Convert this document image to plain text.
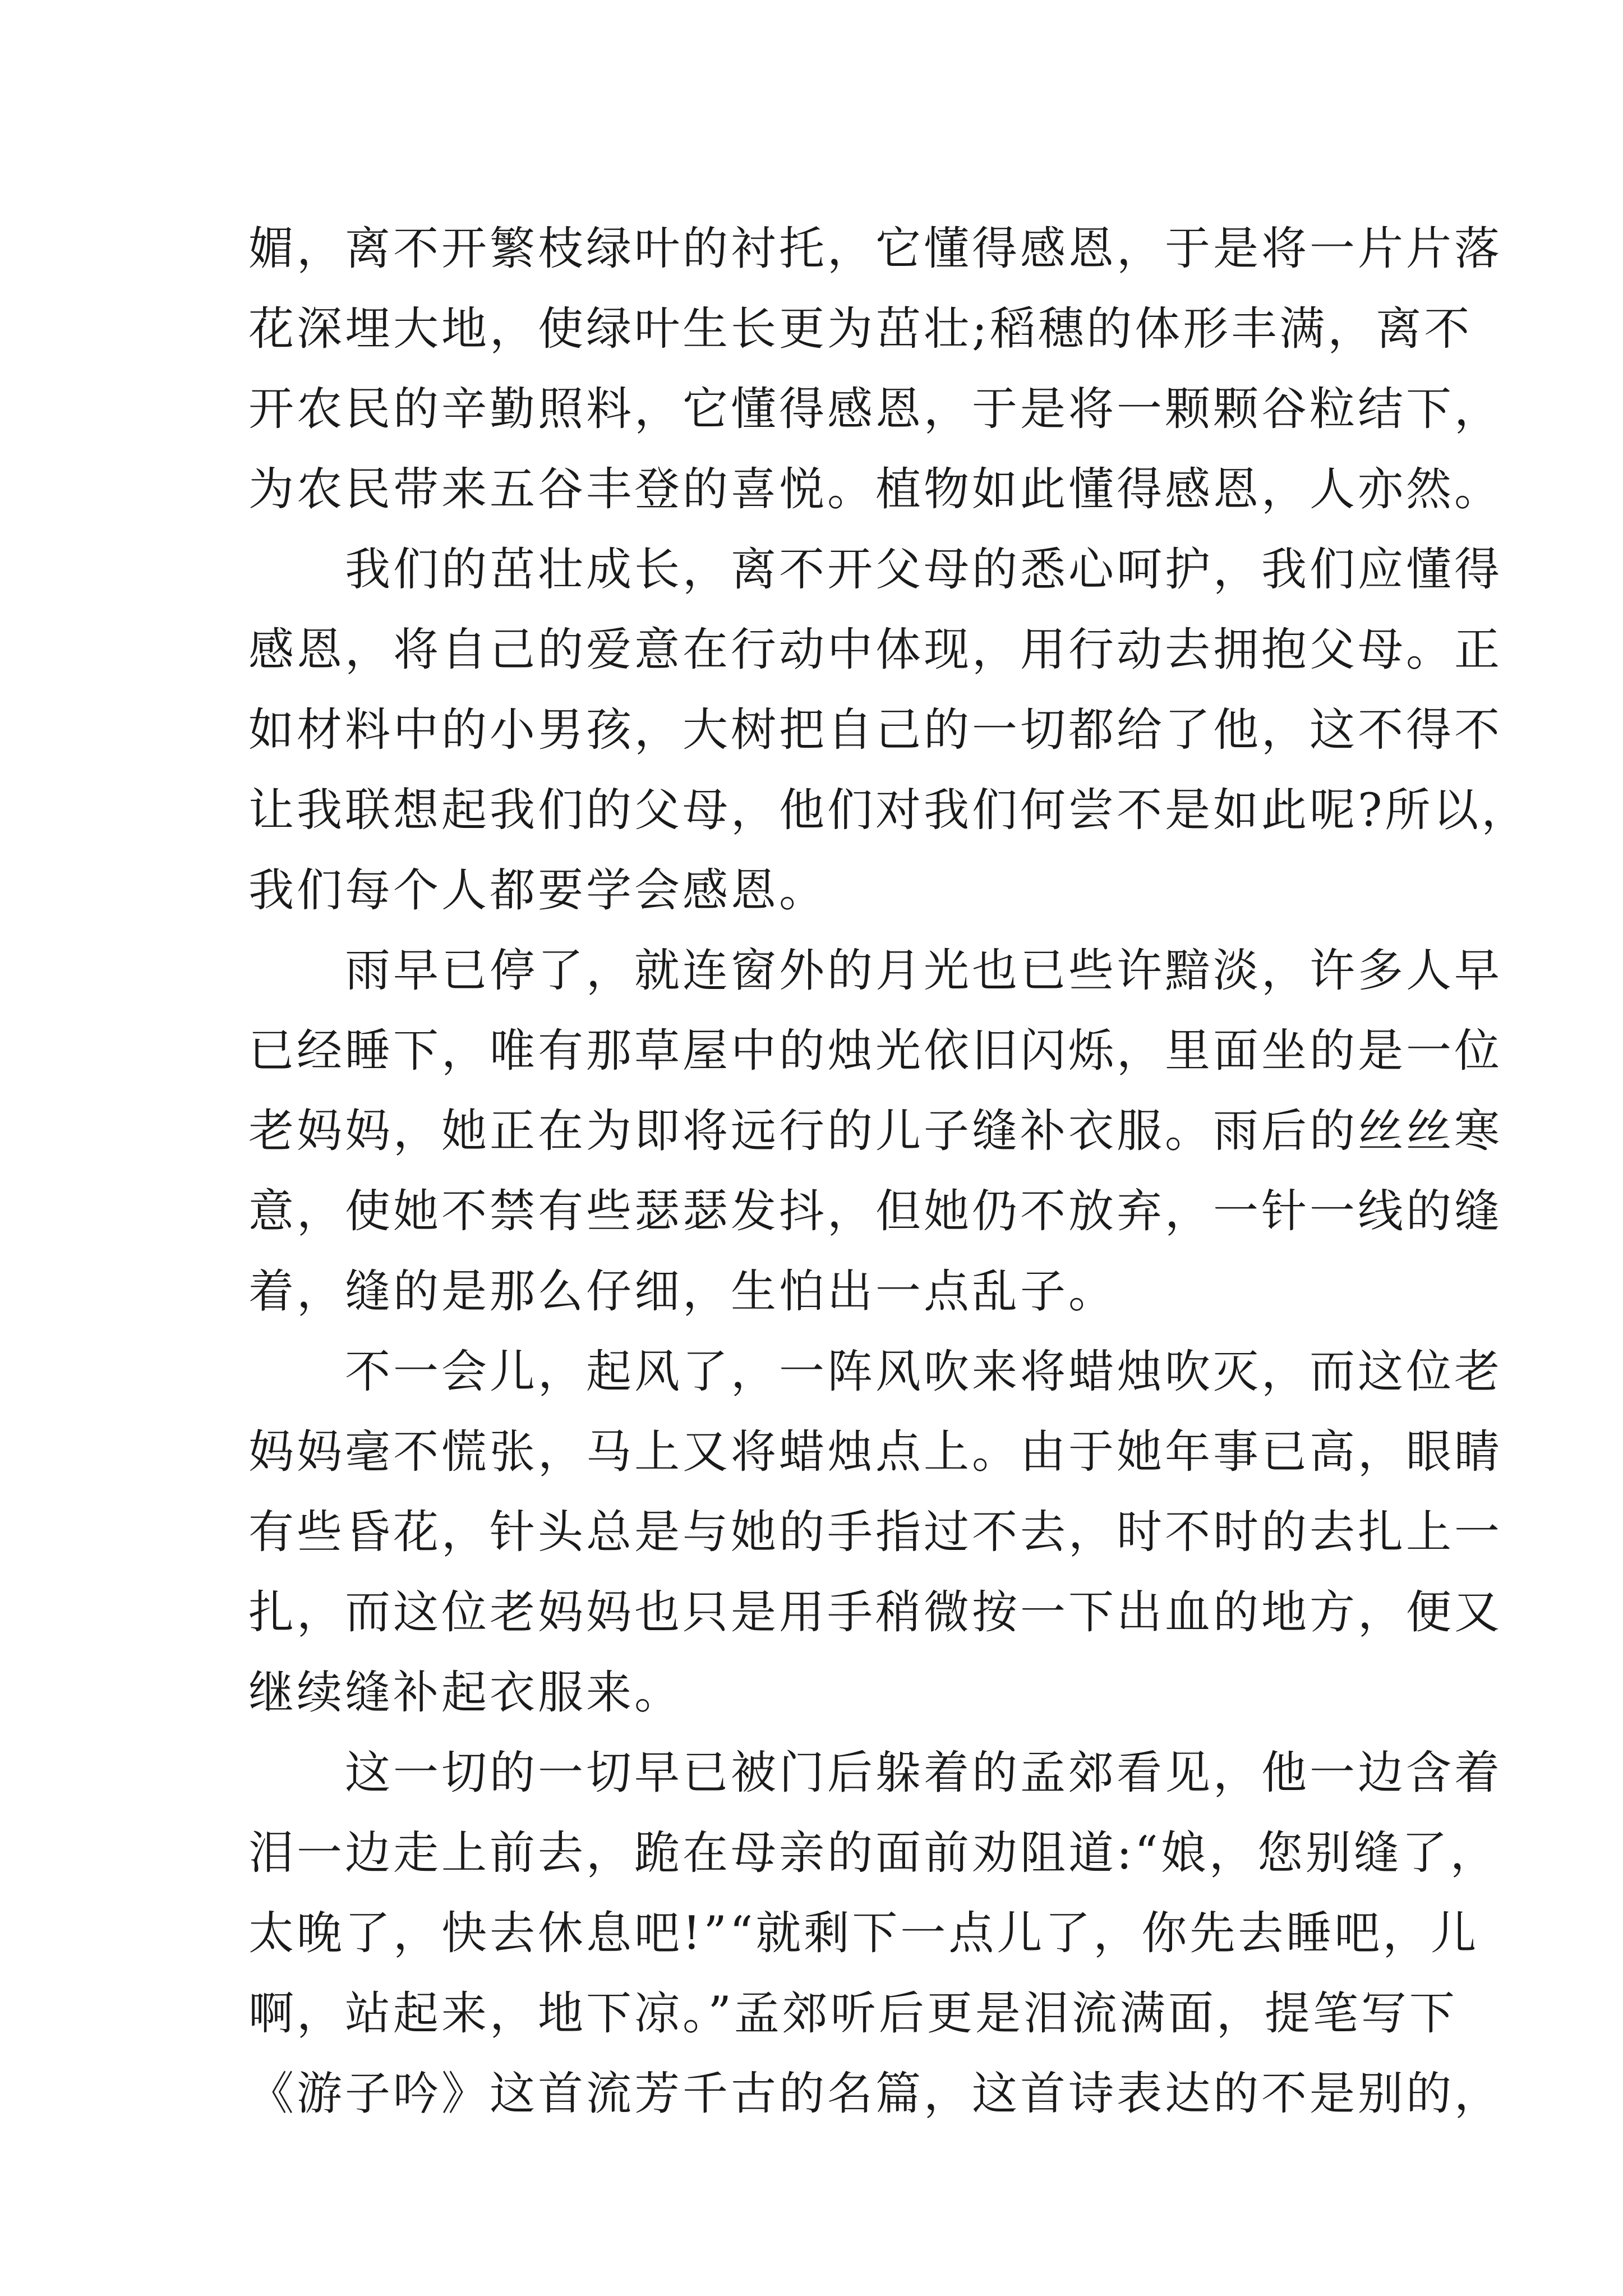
媚，离不开繁枝绿叶的衬托，它懂得感恩，于是将一片片落
花深埋大地，使绿叶生长更为茁壮;稻穗的体形丰满，离不
开农民的辛勤照料，它懂得感恩，于是将一颗颗谷粒结下，
为农民带来五谷丰登的喜悦。植物如此懂得感恩，人亦然。
我们的茁壮成长，离不开父母的悉心呵护，我们应懂得
感恩，将自己的爱意在行动中体现，用行动去拥抱父母。正
如材料中的小男孩，大树把自己的一切都给了他，这不得不
让我联想起我们的父母，他们对我们何尝不是如此呢?所以，
我们每个人都要学会感恩。
雨早已停了，就连窗外的月光也已些许黯淡，许多人早
已经睡下，唯有那草屋中的烛光依旧闪烁，里面坐的是一位
老妈妈，她正在为即将远行的儿子缝补衣服。雨后的丝丝寒
意，使她不禁有些瑟瑟发抖，但她仍不放弃，一针一线的缝
着，缝的是那么仔细，生怕出一点乱子。
不一会儿，起风了，一阵风吹来将蜡烛吹灭，而这位老
妈妈毫不慌张，马上又将蜡烛点上。由于她年事已高，眼睛
有些昏花，针头总是与她的手指过不去，时不时的去扎上一
扎，而这位老妈妈也只是用手稍微按一下出血的地方，便又
继续缝补起衣服来。
这一切的一切早已被门后躲着的孟郊看见，他一边含着
泪一边走上前去，跪在母亲的面前劝阻道:“娘，您别缝了，
太晚了，快去休息吧!”“就剩下一点儿了，你先去睡吧，儿
啊，站起来，地下凉。”孟郊听后更是泪流满面，提笔写下
《游子吟》这首流芳千古的名篇，这首诗表达的不是别的，
